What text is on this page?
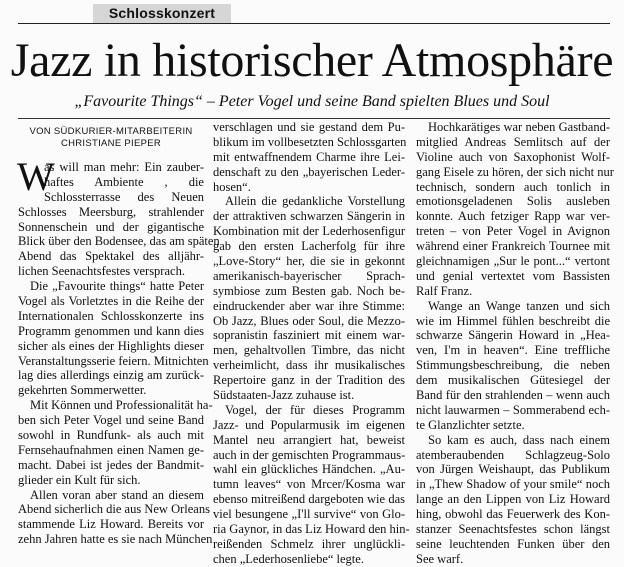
Schlosskonzert
Jazz in historischer Atmosphäre
„Favourite Things“ – Peter Vogel und seine Band spielten Blues und Soul
VON SÜDKURIER-MITARBEITERIN
CHRISTIANE PIEPER
W
as will man mehr: Ein zauber-
haftes Ambiente , die
Schlossterrasse des Neuen
Schlosses Meersburg, strahlender
Sonnenschein und der gigantische
Blick über den Bodensee, das am späten
Abend das Spektakel des alljähr-
lichen Seenachtsfestes versprach.
Die „Favourite things“ hatte Peter
Vogel als Vorletztes in die Reihe der
Internationalen Schlosskonzerte ins
Programm genommen und kann dies
sicher als eines der Highlights dieser
Veranstaltungsserie feiern. Mitnichten
lag dies allerdings einzig am zurück-
gekehrten Sommerwetter.
Mit Können und Professionalität ha-
ben sich Peter Vogel und seine Band
sowohl in Rundfunk- als auch mit
Fernsehaufnahmen einen Namen ge-
macht. Dabei ist jedes der Bandmit-
glieder ein Kult für sich.
Allen voran aber stand an diesem
Abend sicherlich die aus New Orleans
stammende Liz Howard. Bereits vor
zehn Jahren hatte es sie nach München
verschlagen und sie gestand dem Pu-
blikum im vollbesetzten Schlossgarten
mit entwaffnendem Charme ihre Lei-
denschaft zu den „bayerischen Leder-
hosen“.
Allein die gedankliche Vorstellung
der attraktiven schwarzen Sängerin in
Kombination mit der Lederhosenfigur
gab den ersten Lacherfolg für ihre
„Love-Story“ her, die sie in gekonnt
amerikanisch-bayerischer Sprach-
symbiose zum Besten gab. Noch be-
eindruckender aber war ihre Stimme:
Ob Jazz, Blues oder Soul, die Mezzo-
sopranistin fasziniert mit einem war-
men, gehaltvollen Timbre, das nicht
verheimlicht, dass ihr musikalisches
Repertoire ganz in der Tradition des
Südstaaten-Jazz zuhause ist.
Vogel, der für dieses Programm
Jazz- und Popularmusik im eigenen
Mantel neu arrangiert hat, beweist
auch in der gemischten Programmaus-
wahl ein glückliches Händchen. „Au-
tumn leaves“ von Mrcer/Kosma war
ebenso mitreißend dargeboten wie das
viel besungene „I'll survive“ von Glo-
ria Gaynor, in das Liz Howard den hin-
reißenden Schmelz ihrer unglückli-
chen „Lederhosenliebe“ legte.
Hochkarätiges war neben Gastband-
mitglied Andreas Semlitsch auf der
Violine auch von Saxophonist Wolf-
gang Eisele zu hören, der sich nicht nur
technisch, sondern auch tonlich in
emotionsgeladenen Solis ausleben
konnte. Auch fetziger Rapp war ver-
treten – von Peter Vogel in Avignon
während einer Frankreich Tournee mit
gleichnamigen „Sur le pont...“ vertont
und genial vertextet vom Bassisten
Ralf Franz.
Wange an Wange tanzen und sich
wie im Himmel fühlen beschreibt die
schwarze Sängerin Howard in „Hea-
ven, I'm in heaven“. Eine treffliche
Stimmungsbeschreibung, die neben
dem musikalischen Gütesiegel der
Band für den strahlenden – wenn auch
nicht lauwarmen – Sommerabend ech-
te Glanzlichter setzte.
So kam es auch, dass nach einem
atemberaubenden Schlagzeug-Solo
von Jürgen Weishaupt, das Publikum
in „Thew Shadow of your smile“ noch
lange an den Lippen von Liz Howard
hing, obwohl das Feuerwerk des Kon-
stanzer Seenachtsfestes schon längst
seine leuchtenden Funken über den
See warf.
